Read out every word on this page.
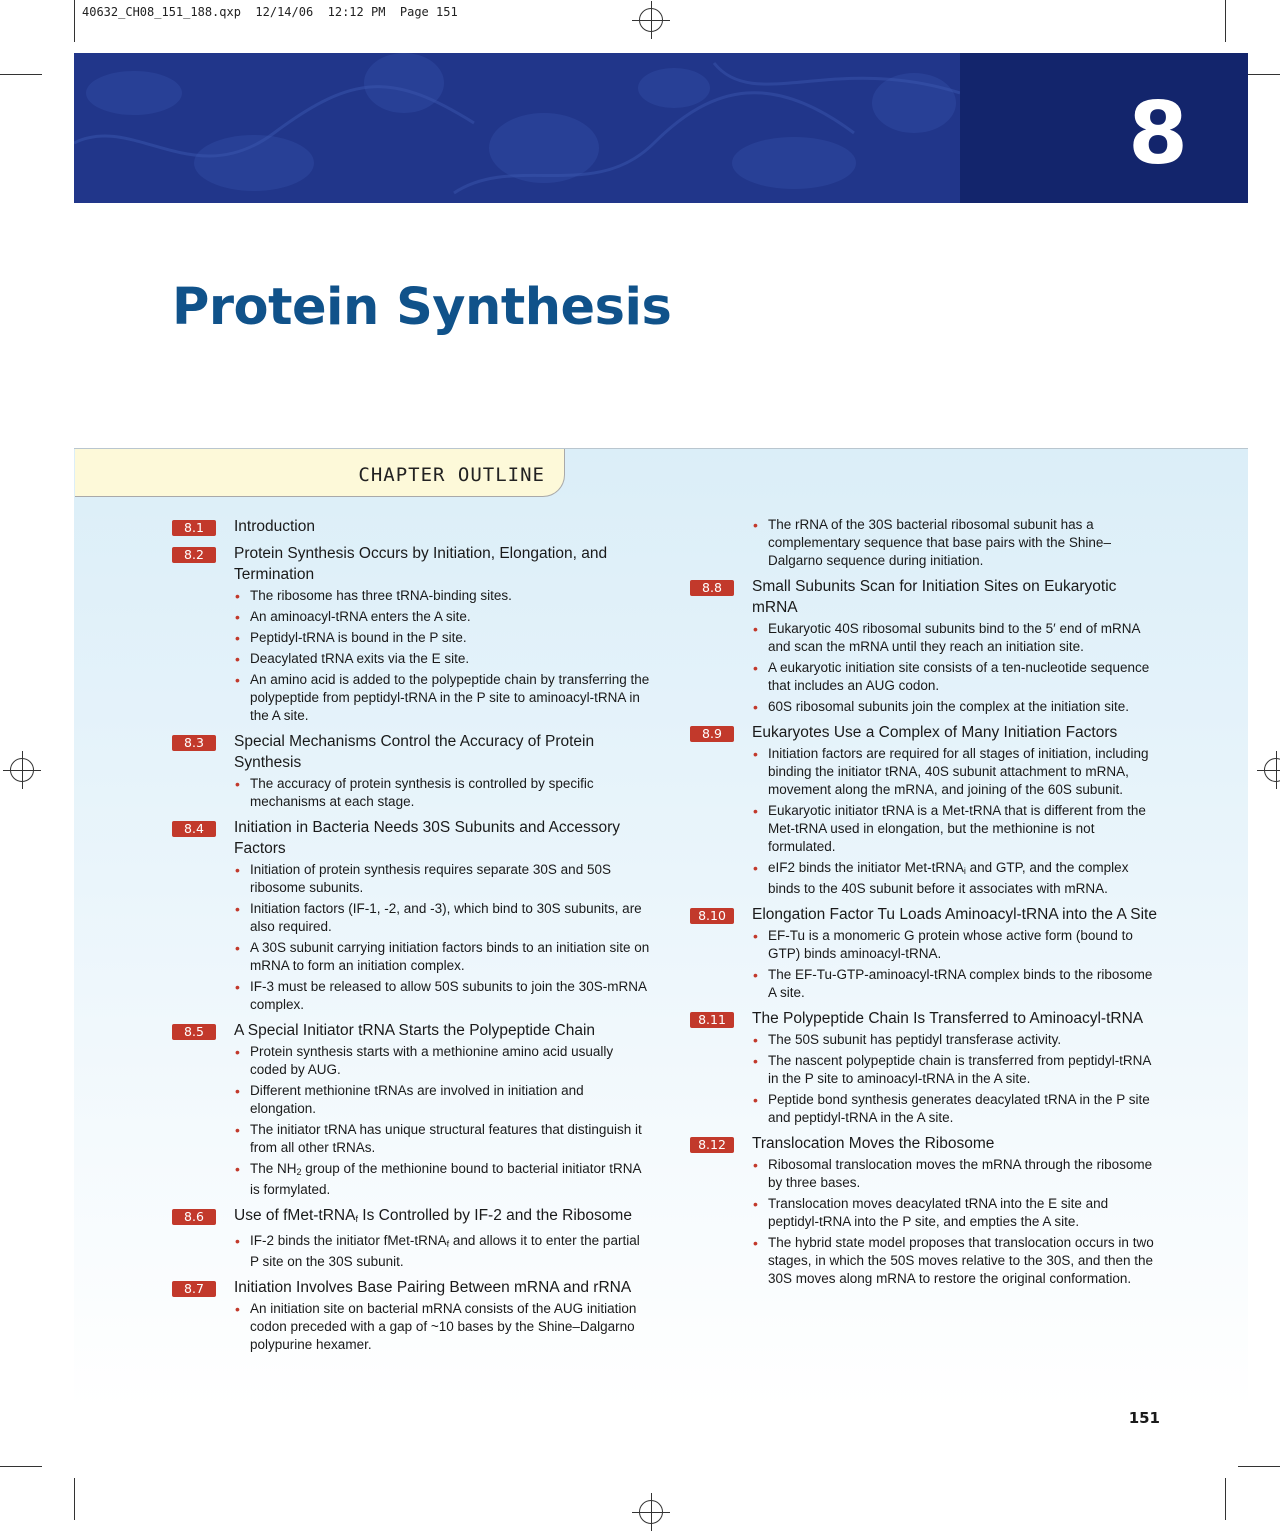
40632_CH08_151_188.qxp  12/14/06  12:12 PM  Page 151
8
Protein Synthesis
CHAPTER OUTLINE
8.1	Introduction
8.2	Protein Synthesis Occurs by Initiation, Elongation, and Termination
• The ribosome has three tRNA-binding sites.
• An aminoacyl-tRNA enters the A site.
• Peptidyl-tRNA is bound in the P site.
• Deacylated tRNA exits via the E site.
• An amino acid is added to the polypeptide chain by transferring the polypeptide from peptidyl-tRNA in the P site to aminoacyl-tRNA in the A site.
8.3	Special Mechanisms Control the Accuracy of Protein Synthesis
• The accuracy of protein synthesis is controlled by specific mechanisms at each stage.
8.4	Initiation in Bacteria Needs 30S Subunits and Accessory Factors
• Initiation of protein synthesis requires separate 30S and 50S ribosome subunits.
• Initiation factors (IF-1, -2, and -3), which bind to 30S subunits, are also required.
• A 30S subunit carrying initiation factors binds to an initiation site on mRNA to form an initiation complex.
• IF-3 must be released to allow 50S subunits to join the 30S-mRNA complex.
8.5	A Special Initiator tRNA Starts the Polypeptide Chain
• Protein synthesis starts with a methionine amino acid usually coded by AUG.
• Different methionine tRNAs are involved in initiation and elongation.
• The initiator tRNA has unique structural features that distinguish it from all other tRNAs.
• The $NH_2$ group of the methionine bound to bacterial initiator tRNA is formylated.
8.6	Use of fMet-tRNA$_f$ Is Controlled by IF-2 and the Ribosome
• IF-2 binds the initiator fMet-tRNA$_f$ and allows it to enter the partial P site on the 30S subunit.
8.7	Initiation Involves Base Pairing Between mRNA and rRNA
• An initiation site on bacterial mRNA consists of the AUG initiation codon preceded with a gap of ~10 bases by the Shine–Dalgarno polypurine hexamer.
• The rRNA of the 30S bacterial ribosomal subunit has a complementary sequence that base pairs with the Shine–Dalgarno sequence during initiation.
8.8	Small Subunits Scan for Initiation Sites on Eukaryotic mRNA
• Eukaryotic 40S ribosomal subunits bind to the 5′ end of mRNA and scan the mRNA until they reach an initiation site.
• A eukaryotic initiation site consists of a ten-nucleotide sequence that includes an AUG codon.
• 60S ribosomal subunits join the complex at the initiation site.
8.9	Eukaryotes Use a Complex of Many Initiation Factors
• Initiation factors are required for all stages of initiation, including binding the initiator tRNA, 40S subunit attachment to mRNA, movement along the mRNA, and joining of the 60S subunit.
• Eukaryotic initiator tRNA is a Met-tRNA that is different from the Met-tRNA used in elongation, but the methionine is not formulated.
• eIF2 binds the initiator Met-tRNA$_i$ and GTP, and the complex binds to the 40S subunit before it associates with mRNA.
8.10	Elongation Factor Tu Loads Aminoacyl-tRNA into the A Site
• EF-Tu is a monomeric G protein whose active form (bound to GTP) binds aminoacyl-tRNA.
• The EF-Tu-GTP-aminoacyl-tRNA complex binds to the ribosome A site.
8.11	The Polypeptide Chain Is Transferred to Aminoacyl-tRNA
• The 50S subunit has peptidyl transferase activity.
• The nascent polypeptide chain is transferred from peptidyl-tRNA in the P site to aminoacyl-tRNA in the A site.
• Peptide bond synthesis generates deacylated tRNA in the P site and peptidyl-tRNA in the A site.
8.12	Translocation Moves the Ribosome
• Ribosomal translocation moves the mRNA through the ribosome by three bases.
• Translocation moves deacylated tRNA into the E site and peptidyl-tRNA into the P site, and empties the A site.
• The hybrid state model proposes that translocation occurs in two stages, in which the 50S moves relative to the 30S, and then the 30S moves along mRNA to restore the original conformation.
151
